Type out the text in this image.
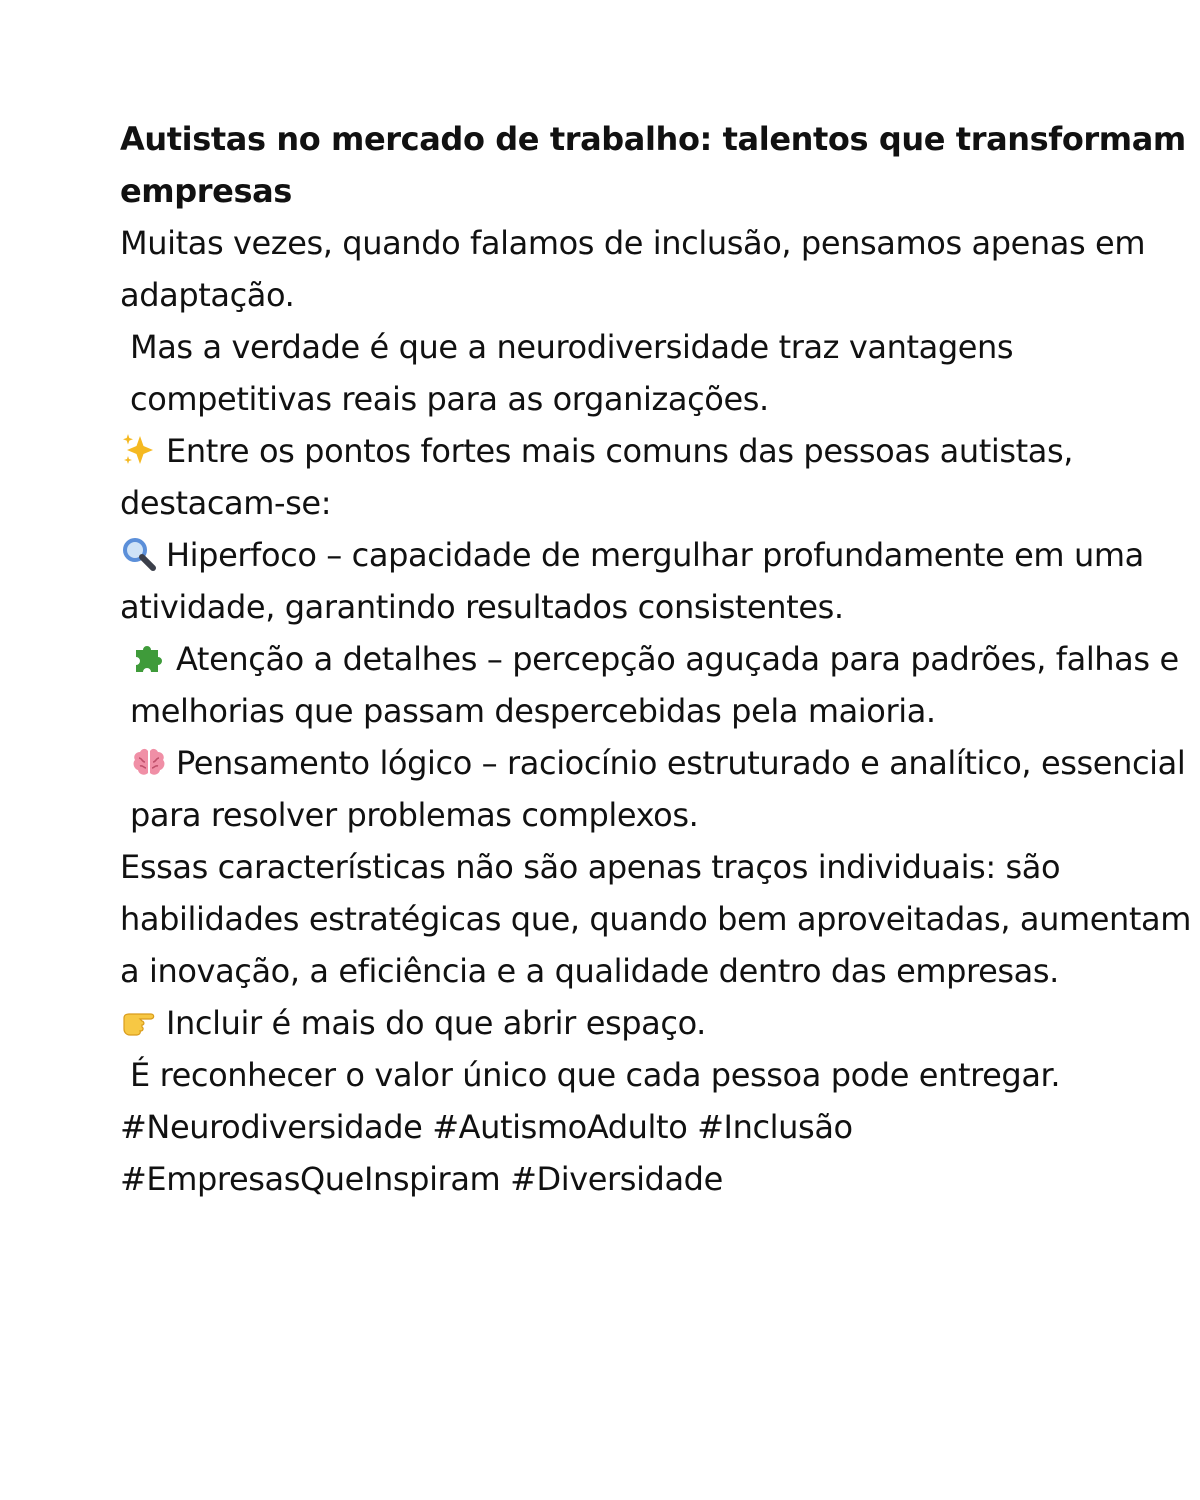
Autistas no mercado de trabalho: talentos que transformam empresas

Muitas vezes, quando falamos de inclusão, pensamos apenas em adaptação.

Mas a verdade é que a neurodiversidade traz vantagens competitivas reais para as organizações.

Entre os pontos fortes mais comuns das pessoas autistas, destacam-se:

Hiperfoco – capacidade de mergulhar profundamente em uma atividade, garantindo resultados consistentes.

Atenção a detalhes – percepção aguçada para padrões, falhas e melhorias que passam despercebidas pela maioria.

Pensamento lógico – raciocínio estruturado e analítico, essencial para resolver problemas complexos.

Essas características não são apenas traços individuais: são habilidades estratégicas que, quando bem aproveitadas, aumentam a inovação, a eficiência e a qualidade dentro das empresas.

Incluir é mais do que abrir espaço.

É reconhecer o valor único que cada pessoa pode entregar.

#Neurodiversidade #AutismoAdulto #Inclusão

#EmpresasQueInspiram #Diversidade
